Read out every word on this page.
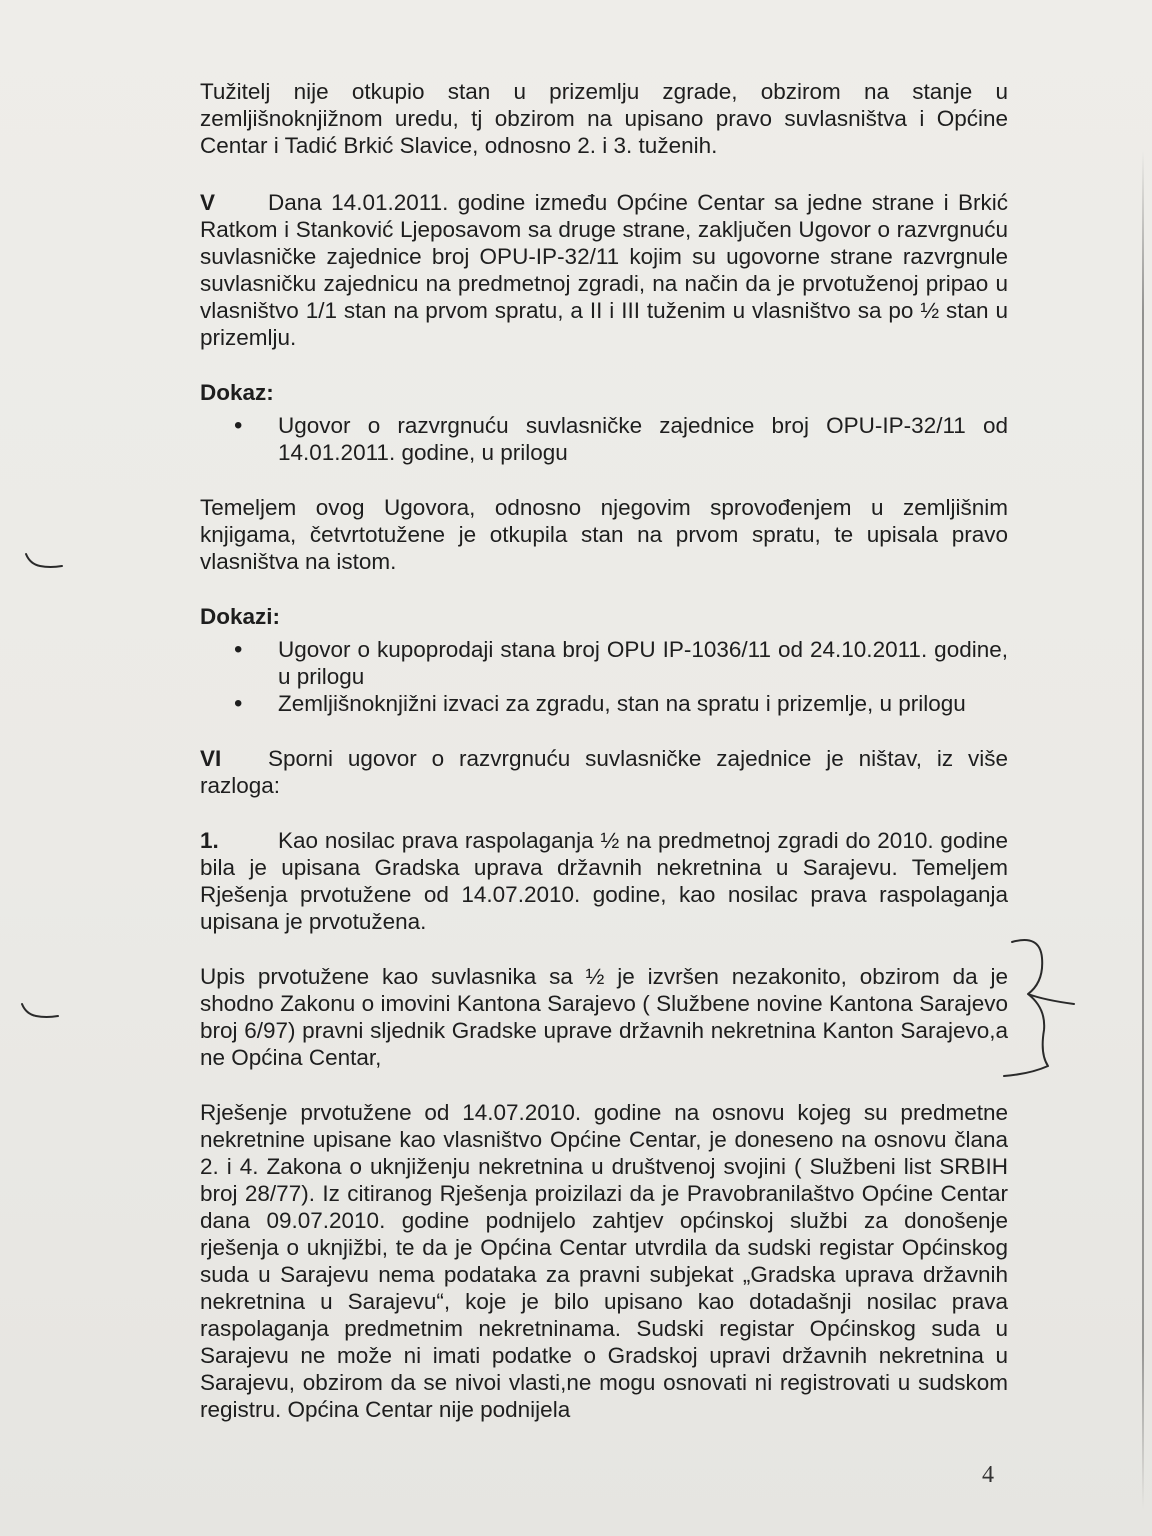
Tužitelj nije otkupio stan u prizemlju zgrade, obzirom na stanje u zemljišnoknjižnom uredu, tj obzirom na upisano pravo suvlasništva i Općine Centar i Tadić Brkić Slavice, odnosno 2. i 3. tuženih.

V Dana 14.01.2011. godine između Općine Centar sa jedne strane i Brkić Ratkom i Stanković Ljeposavom sa druge strane, zaključen Ugovor o razvrgnuću suvlasničke zajednice broj OPU-IP-32/11 kojim su ugovorne strane razvrgnule suvlasničku zajednicu na predmetnoj zgradi, na način da je prvotuženoj pripao u vlasništvo 1/1 stan na prvom spratu, a II i III tuženim u vlasništvo sa po ½ stan u prizemlju.

Dokaz:

• Ugovor o razvrgnuću suvlasničke zajednice broj OPU-IP-32/11 od 14.01.2011. godine, u prilogu

Temeljem ovog Ugovora, odnosno njegovim sprovođenjem u zemljišnim knjigama, četvrtotužene je otkupila stan na prvom spratu, te upisala pravo vlasništva na istom.

Dokazi:

• Ugovor o kupoprodaji stana broj OPU IP-1036/11 od 24.10.2011. godine, u prilogu
• Zemljišnoknjižni izvaci za zgradu, stan na spratu i prizemlje, u prilogu

VI Sporni ugovor o razvrgnuću suvlasničke zajednice je ništav, iz više razloga:

1.	Kao nosilac prava raspolaganja ½ na predmetnoj zgradi do 2010. godine bila je upisana Gradska uprava državnih nekretnina u Sarajevu. Temeljem Rješenja prvotužene od 14.07.2010. godine, kao nosilac prava raspolaganja upisana je prvotužena.

Upis prvotužene kao suvlasnika sa ½ je izvršen nezakonito, obzirom da je shodno Zakonu o imovini Kantona Sarajevo ( Službene novine Kantona Sarajevo broj 6/97) pravni sljednik Gradske uprave državnih nekretnina Kanton Sarajevo,a ne Općina Centar,

Rješenje prvotužene od 14.07.2010. godine na osnovu kojeg su predmetne nekretnine upisane kao vlasništvo Općine Centar, je doneseno na osnovu člana 2. i 4. Zakona o uknjiženju nekretnina u društvenoj svojini ( Službeni list SRBIH broj 28/77). Iz citiranog Rješenja proizilazi da je Pravobranilaštvo Općine Centar dana 09.07.2010. godine podnijelo zahtjev općinskoj službi za donošenje rješenja o uknjižbi, te da je Općina Centar utvrdila da sudski registar Općinskog suda u Sarajevu nema podataka za pravni subjekat „Gradska uprava državnih nekretnina u Sarajevu“, koje je bilo upisano kao dotadašnji nosilac prava raspolaganja predmetnim nekretninama. Sudski registar Općinskog suda u Sarajevu ne može ni imati podatke o Gradskoj upravi državnih nekretnina u Sarajevu, obzirom da se nivoi vlasti,ne mogu osnovati ni registrovati u sudskom registru. Općina Centar nije podnijela

4
